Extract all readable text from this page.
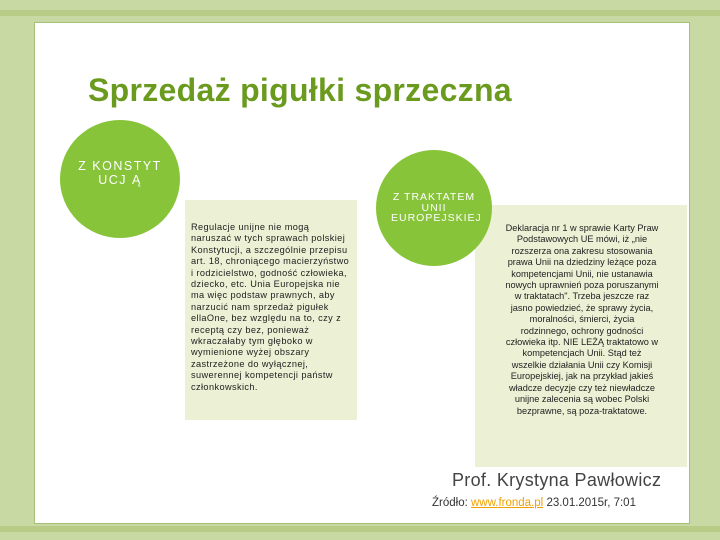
Sprzedaż pigułki sprzeczna
Z KONSTYTUCJ Ą
Regulacje unijne nie mogą naruszać w tych sprawach polskiej Konstytucji, a szczególnie przepisu art. 18, chroniącego macierzyństwo i rodzicielstwo, godność człowieka, dziecko, etc. Unia Europejska nie ma więc podstaw prawnych, aby narzucić nam sprzedaż pigułek ellaOne, bez względu na to, czy z receptą czy bez, ponieważ wkraczałaby tym głęboko w wymienione wyżej obszary zastrzeżone do wyłącznej, suwerennej kompetencji państw członkowskich.
Deklaracja nr 1 w sprawie Karty Praw Podstawowych UE mówi, iż „nie rozszerza ona zakresu stosowania prawa Unii na dziedziny leżące poza kompetencjami Unii, nie ustanawia nowych uprawnień poza poruszanymi w traktatach". Trzeba jeszcze raz jasno powiedzieć, że sprawy życia, moralności, śmierci, życia rodzinnego, ochrony godności człowieka itp. NIE LEŻĄ traktatowo w kompetencjach Unii. Stąd też wszelkie działania Unii czy Komisji Europejskiej, jak na przykład jakieś władcze decyzje czy też niewładcze unijne zalecenia są wobec Polski bezprawne, są poza-traktatowe.
Z TRAKTATEM UNII EUROPEJSKIEJ
Prof. Krystyna Pawłowicz
Źródło: www.fronda.pl 23.01.2015r, 7:01
